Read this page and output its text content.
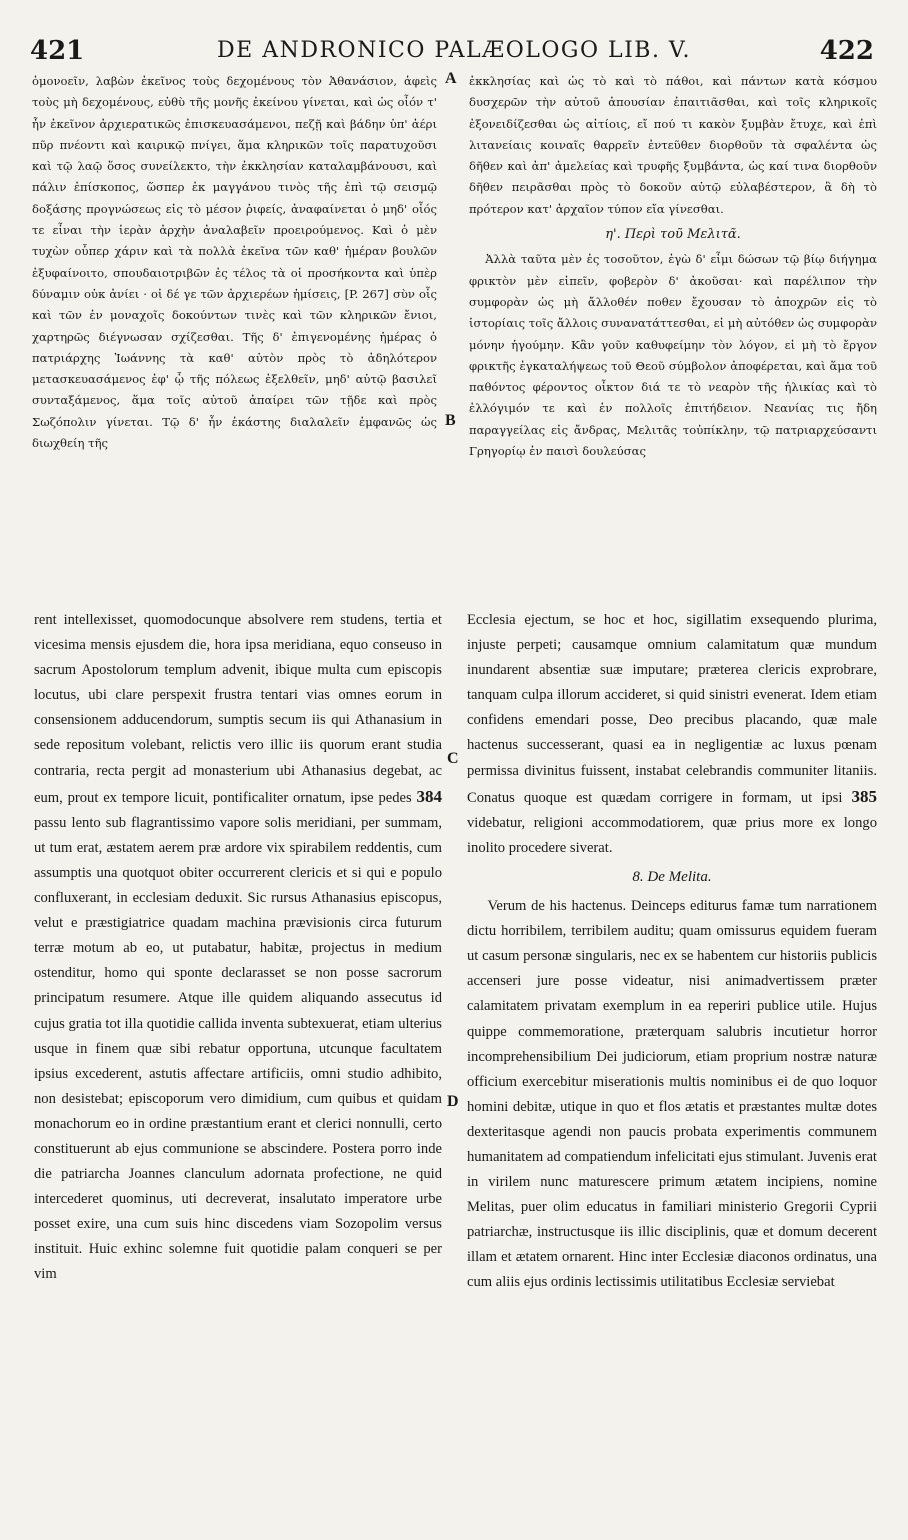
421	DE ANDRONICO PALÆOLOGO LIB. V.	422
A
B
C
D

ὁμονοεῖν, λαβὼν ἐκεῖνος τοὺς δεχομένους τὸν Ἀθανάσιον, ἀφεὶς τοὺς μὴ δεχομένους, εὐθὺ τῆς μονῆς ἐκείνου γίνεται, καὶ ὡς οἷόν τ' ἦν ἐκεῖνον ἀρχιερατικῶς ἐπισκευασάμενοι, πεζῇ καὶ βάδην ὑπ' ἀέρι πῦρ πνέοντι καὶ καιρικῷ πνίγει, ἅμα κληρικῶν τοῖς παρατυχοῦσι καὶ τῷ λαῷ ὅσος συνείλεκτο, τὴν ἐκκλησίαν καταλαμβάνουσι, καὶ πάλιν ἐπίσκοπος, ὥσπερ ἐκ μαγγάνου τινὸς τῆς ἐπὶ τῷ σεισμῷ δοξάσης προγνώσεως εἰς τὸ μέσον ῥιφείς, ἀναφαίνεται ὁ μηδ' οἷός τε εἶναι τὴν ἱερὰν ἀρχὴν ἀναλαβεῖν προειρούμενος. Καὶ ὁ μὲν τυχὼν οὗπερ χάριν καὶ τὰ πολλὰ ἐκεῖνα τῶν καθ' ἡμέραν βουλῶν ἐξυφαίνοιτο, σπουδαιοτριβῶν ἐς τέλος τὰ οἱ προσήκοντα καὶ ὑπὲρ δύναμιν οὐκ ἀνίει · οἱ δέ γε τῶν ἀρχιερέων ἡμίσεις, [P. 267] σὺν οἷς καὶ τῶν ἐν μοναχοῖς δοκούντων τινὲς καὶ τῶν κληρικῶν ἔνιοι, χαρτηρῶς διέγνωσαν σχίζεσθαι. Τῆς δ' ἐπιγενομένης ἡμέρας ὁ πατριάρχης Ἰωάννης τὰ καθ' αὑτὸν πρὸς τὸ ἀδηλότερον μετασκευασάμενος ἐφ' ᾧ τῆς πόλεως ἐξελθεῖν, μηδ' αὐτῷ βασιλεῖ συνταξάμενος, ἅμα τοῖς αὐτοῦ ἀπαίρει τῶν τῇδε καὶ πρὸς Σωζόπολιν γίνεται. Τῷ δ' ἦν ἑκάστης διαλαλεῖν ἐμφανῶς ὡς διωχθείη τῆς

ἐκκλησίας καὶ ὡς τὸ καὶ τὸ πάθοι, καὶ πάντων κατὰ κόσμου δυσχερῶν τὴν αὐτοῦ ἀπουσίαν ἐπαιτιᾶσθαι, καὶ τοῖς κληρικοῖς ἐξονειδίζεσθαι ὡς αἰτίοις, εἴ πού τι κακὸν ξυμβὰν ἔτυχε, καὶ ἐπὶ λιτανείαις κοιναῖς θαρρεῖν ἐντεῦθεν διορθοῦν τὰ σφαλέντα ὡς δῆθεν καὶ ἀπ' ἀμελείας καὶ τρυφῆς ξυμβάντα, ὡς καί τινα διορθοῦν δῆθεν πειρᾶσθαι πρὸς τὸ δοκοῦν αὐτῷ εὐλαβέστερον, ἃ δὴ τὸ πρότερον κατ' ἀρχαῖον τύπον εἴα γίνεσθαι.

η'. Περὶ τοῦ Μελιτᾶ.

Ἀλλὰ ταῦτα μὲν ἐς τοσοῦτον, ἐγὼ δ' εἶμι δώσων τῷ βίῳ διήγημα φρικτὸν μὲν εἰπεῖν, φοβερὸν δ' ἀκοῦσαι· καὶ παρέλιπον τὴν συμφορὰν ὡς μὴ ἄλλοθέν ποθεν ἔχουσαν τὸ ἀποχρῶν εἰς τὸ ἱστορίαις τοῖς ἄλλοις συνανατάττεσθαι, εἰ μὴ αὐτόθεν ὡς συμφορὰν μόνην ἡγούμην. Κἂν γοῦν καθυφείμην τὸν λόγον, εἰ μὴ τὸ ἔργον φρικτῆς ἐγκαταλήψεως τοῦ Θεοῦ σύμβολον ἀποφέρεται, καὶ ἅμα τοῦ παθόντος φέροντος οἶκτον διά τε τὸ νεαρὸν τῆς ἡλικίας καὶ τὸ ἐλλόγιμόν τε καὶ ἐν πολλοῖς ἐπιτήδειον. Νεανίας τις ἤδη παραγγείλας εἰς ἄνδρας, Μελιτᾶς τοὐπίκλην, τῷ πατριαρχεύσαντι Γρηγορίῳ ἐν παισὶ δουλεύσας

rent intellexisset, quomodocunque absolvere rem studens, tertia et vicesima mensis ejusdem die, hora ipsa meridiana, equo conseuso in sacrum Apostolorum templum advenit, ibique multa cum episcopis locutus, ubi clare perspexit frustra tentari vias omnes eorum in consensionem adducendorum, sumptis secum iis qui Athanasium in sede repositum volebant, relictis vero illic iis quorum erant studia contraria, recta pergit ad monasterium ubi Athanasius degebat, ac eum, prout ex tempore licuit, pontificaliter ornatum, ipse pedes 384 passu lento sub flagrantissimo vapore solis meridiani, per summam, ut tum erat, æstatem aerem præ ardore vix spirabilem reddentis, cum assumptis una quotquot obiter occurrerent clericis et si qui e populo confluxerant, in ecclesiam deduxit. Sic rursus Athanasius episcopus, velut e præstigiatrice quadam machina prævisionis circa futurum terræ motum ab eo, ut putabatur, habitæ, projectus in medium ostenditur, homo qui sponte declarasset se non posse sacrorum principatum resumere. Atque ille quidem aliquando assecutus id cujus gratia tot illa quotidie callida inventa subtexuerat, etiam ulterius usque in finem quæ sibi rebatur opportuna, utcunque facultatem ipsius excederent, astutis affectare artificiis, omni studio adhibito, non desistebat; episcoporum vero dimidium, cum quibus et quidam monachorum eo in ordine præstantium erant et clerici nonnulli, certo constituerunt ab ejus communione se abscindere. Postera porro inde die patriarcha Joannes clanculum adornata profectione, ne quid intercederet quominus, uti decreverat, insalutato imperatore urbe posset exire, una cum suis hinc discedens viam Sozopolim versus instituit. Huic exhinc solemne fuit quotidie palam conqueri se per vim

Ecclesia ejectum, se hoc et hoc, sigillatim exsequendo plurima, injuste perpeti; causamque omnium calamitatum quæ mundum inundarent absentiæ suæ imputare; præterea clericis exprobrare, tanquam culpa illorum accideret, si quid sinistri evenerat. Idem etiam confidens emendari posse, Deo precibus placando, quæ male hactenus successerant, quasi ea in negligentiæ ac luxus pœnam permissa divinitus fuissent, instabat celebrandis communiter litaniis. Conatus quoque est quædam corrigere in formam, ut ipsi 385 videbatur, religioni accommodatiorem, quæ prius more ex longo inolito procedere siverat.

8. De Melita.

Verum de his hactenus. Deinceps editurus famæ tum narrationem dictu horribilem, terribilem auditu; quam omissurus equidem fueram ut casum personæ singularis, nec ex se habentem cur historiis publicis accenseri jure posse videatur, nisi animadvertissem præter calamitatem privatam exemplum in ea reperiri publice utile. Hujus quippe commemoratione, præterquam salubris incutietur horror incomprehensibilium Dei judiciorum, etiam proprium nostræ naturæ officium exercebitur miserationis multis nominibus ei de quo loquor homini debitæ, utique in quo et flos ætatis et præstantes multæ dotes dexteritasque agendi non paucis probata experimentis communem humanitatem ad compatiendum infelicitati ejus stimulant. Juvenis erat in virilem nunc maturescere primum ætatem incipiens, nomine Melitas, puer olim educatus in familiari ministerio Gregorii Cyprii patriarchæ, instructusque iis illic disciplinis, quæ et domum decerent illam et ætatem ornarent. Hinc inter Ecclesiæ diaconos ordinatus, una cum aliis ejus ordinis lectissimis utilitatibus Ecclesiæ serviebat
